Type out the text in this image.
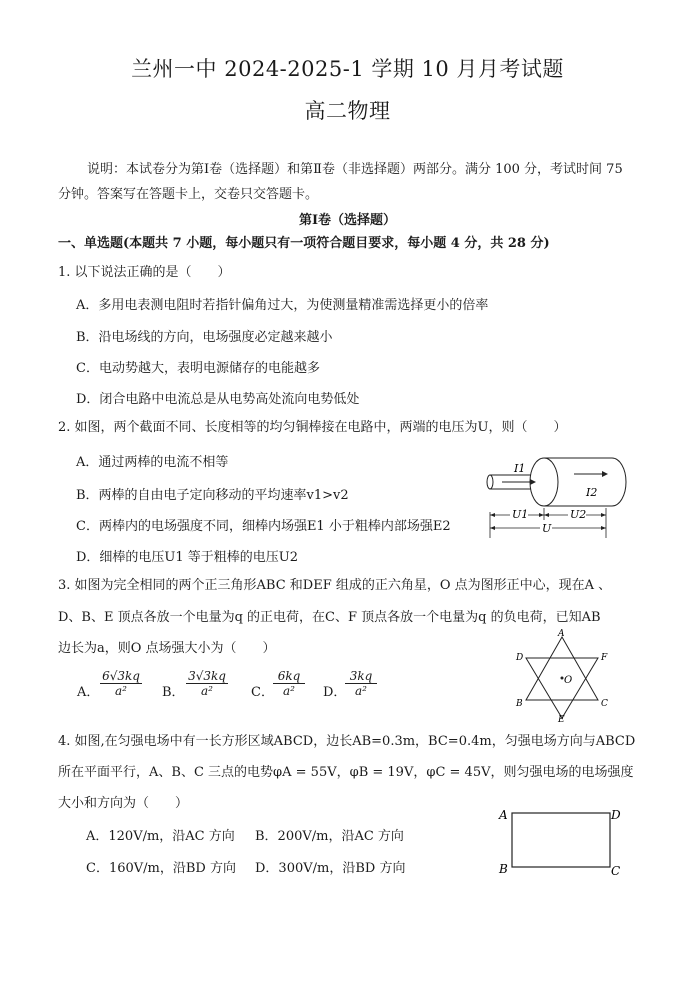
兰州一中 2024-2025-1 学期 10 月月考试题
高二物理
说明：本试卷分为第Ⅰ卷（选择题）和第Ⅱ卷（非选择题）两部分。满分 100 分，考试时间 75
分钟。答案写在答题卡上，交卷只交答题卡。
第Ⅰ卷（选择题）
一、单选题(本题共 7 小题，每小题只有一项符合题目要求，每小题 4 分，共 28 分)
1. 以下说法正确的是（　　）
A．多用电表测电阻时若指针偏角过大，为使测量精准需选择更小的倍率
B．沿电场线的方向，电场强度必定越来越小
C．电动势越大，表明电源储存的电能越多
D．闭合电路中电流总是从电势高处流向电势低处
2. 如图，两个截面不同、长度相等的均匀铜棒接在电路中，两端的电压为U，则（　　）
A．通过两棒的电流不相等
B．两棒的自由电子定向移动的平均速率v1>v2
C．两棒内的电场强度不同，细棒内场强E1 小于粗棒内部场强E2
D．细棒的电压U1 等于粗棒的电压U2
I1
I2
U1	U2
U
3. 如图为完全相同的两个正三角形ABC 和DEF 组成的正六角星，O 点为图形正中心，现在A 、
D、B、E 顶点各放一个电量为q 的正电荷，在C、F 顶点各放一个电量为q 的负电荷，已知AB
边长为a，则O 点场强大小为（　　）
A． $\frac{6√3kq}{\text{a²}}$ B． $\frac{3√3kq}{\text{a²}}$ C． $\frac{6kq}{\text{a²}}$ D．
$\frac{3kq}{\text{a²}}$
A
D	F
B	C
E
O
4. 如图,在匀强电场中有一长方形区域ABCD，边长AB=0.3m，BC=0.4m，匀强电场方向与ABCD
所在平面平行，A、B、C 三点的电势φA = 55V，φB = 19V，φC = 45V，则匀强电场的电场强度
大小和方向为（　　）
A．120V/m，沿AC 方向 B．200V/m，沿AC 方向
C．160V/m，沿BD 方向 D．300V/m，沿BD 方向
A	D
B	C
